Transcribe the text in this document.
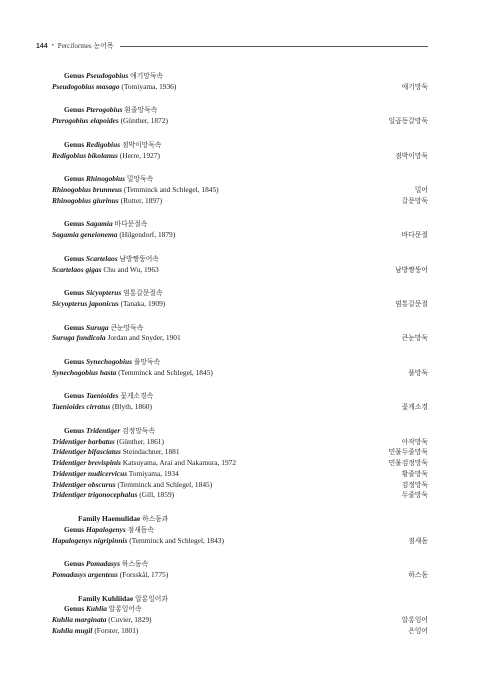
144 • Perciformes 농어목
Genus Pseudogobius 애기망둑속
Pseudogobius masago (Tomiyama, 1936)	애기망둑
Genus Pterogobius 흰줄망둑속
Pterogobius elapoides (Günther, 1872)	일곱동갈망둑
Genus Redigobius 점박이망둑속
Redigobius bikolanus (Herre, 1927)	점박이망둑
Genus Rhinogobius 밀망둑속
Rhinogobius brunneus (Temminck and Schlegel, 1845)	밀어
Rhinogobius giurinus (Rutter, 1897)	갈문망둑
Genus Sagamia 바다문절속
Sagamia geneionema (Hilgendorf, 1879)	바다문절
Genus Scartelaos 남방짱뚱어속
Scartelaos gigas Chu and Wu, 1963	남방짱뚱어
Genus Sicyopterus 염통갈문절속
Sicyopterus japonicus (Tanaka, 1909)	염통갈문절
Genus Suruga 큰눈망둑속
Suruga fundicola Jordan and Snyder, 1901	큰눈망둑
Genus Synechogobius 풀망둑속
Synechogobius hasta (Temminck and Schlegel, 1845)	풀망둑
Genus Taenioides 꽃게소경속
Taenioides cirratus (Blyth, 1860)	꽃게소경
Genus Tridentiger 검정망둑속
Tridentiger barbatus (Günther, 1861)	아작망둑
Tridentiger bifasciatus Steindachner, 1881	민물두줄망둑
Tridentiger brevispinis Katsuyama, Arai and Nakamura, 1972	민물검정망둑
Tridentiger nudicervicus Tomiyama, 1934	황줄망둑
Tridentiger obscurus (Temminck and Schlegel, 1845)	검정망둑
Tridentiger trigonocephalus (Gill, 1859)	두줄망둑
Family Haemulidae 하스돔과
Genus Hapalogenys 점새돔속
Hapalogenys nigripinnis (Temminck and Schlegel, 1843)	점새돔
Genus Pomadasys 하스돔속
Pomadasys argenteus (Forsskål, 1775)	하스돔
Family Kuhliidae 알롱잉어과
Genus Kuhlia 알롱잉어속
Kuhlia marginata (Cuvier, 1829)	알롱잉어
Kuhlia mugil (Forster, 1801)	은잉어
